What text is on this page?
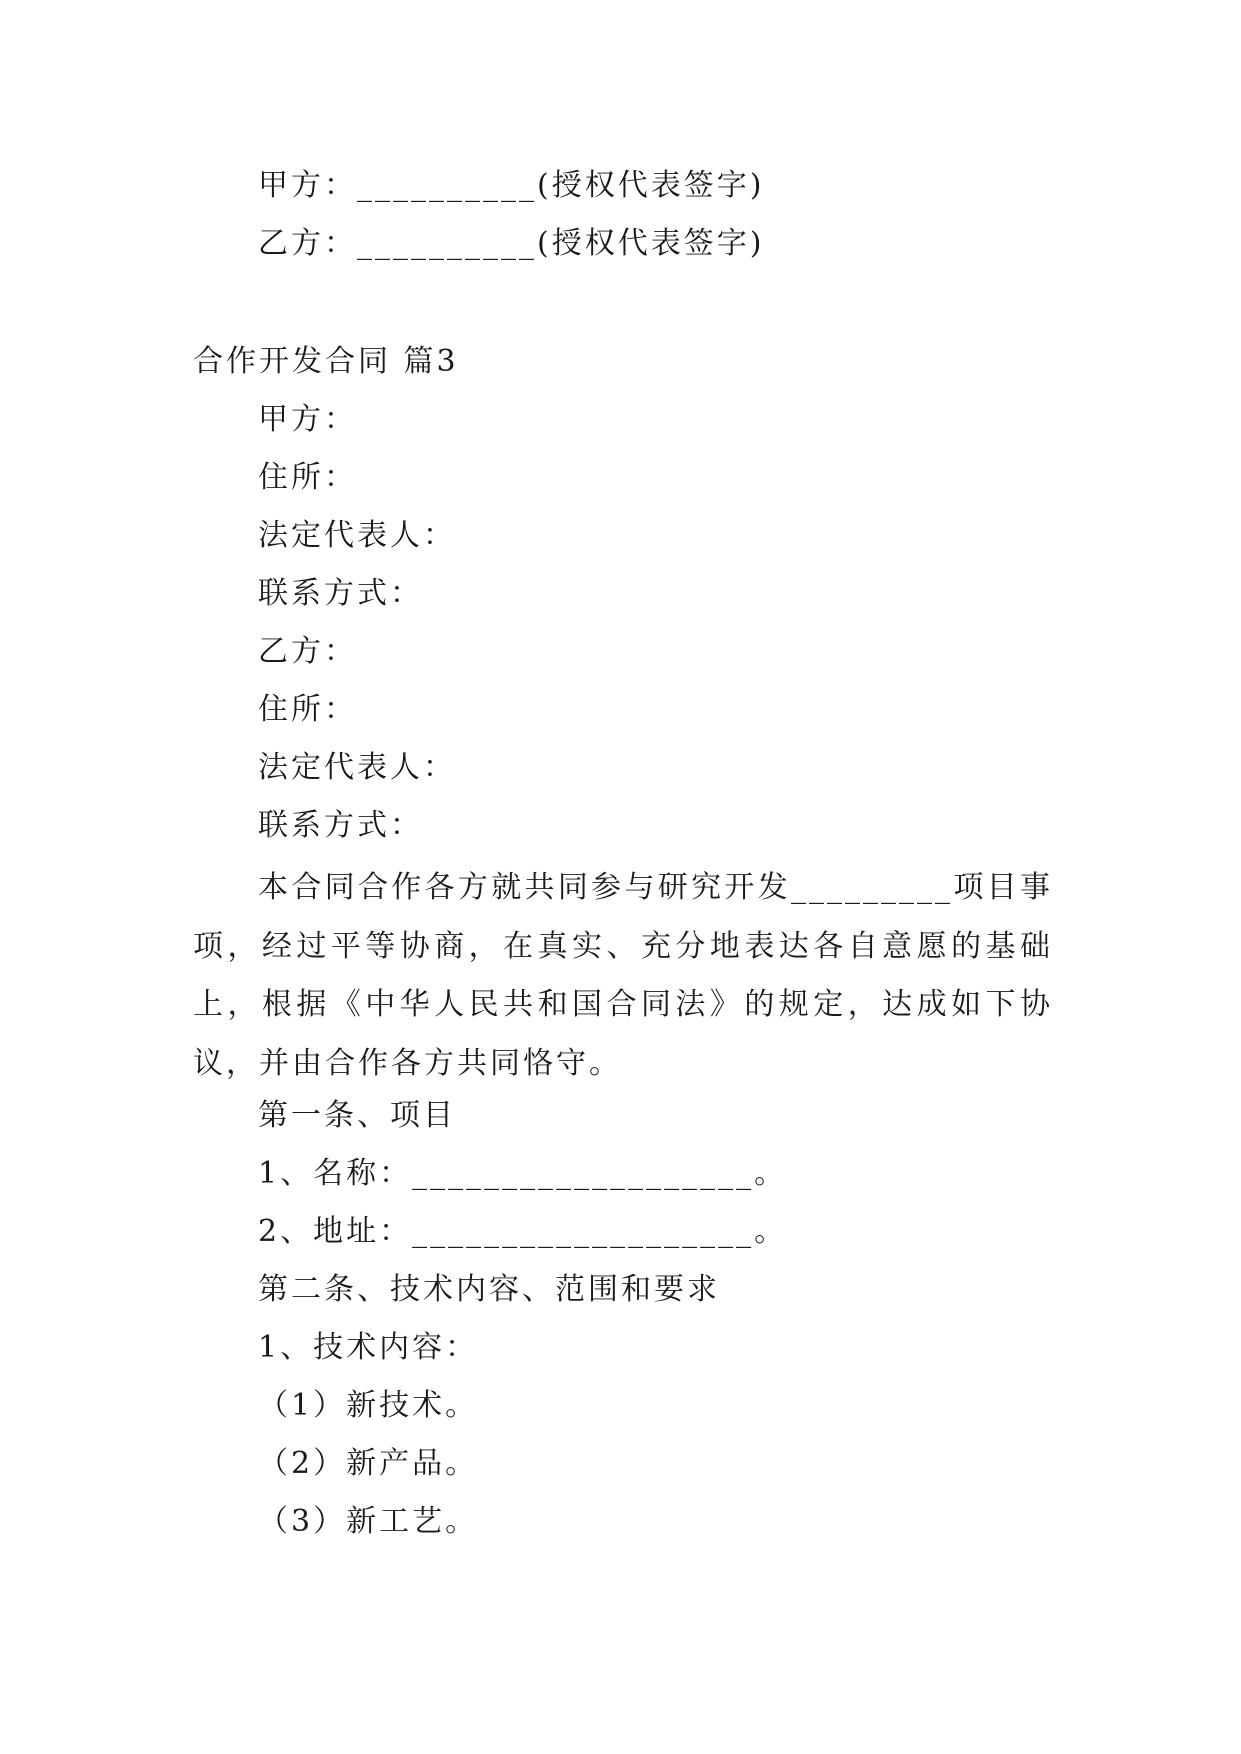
甲方：__________(授权代表签字)
乙方：__________(授权代表签字)
合作开发合同 篇3
甲方：
住所：
法定代表人：
联系方式：
乙方：
住所：
法定代表人：
联系方式：
本合同合作各方就共同参与研究开发_________项目事项，经过平等协商，在真实、充分地表达各自意愿的基础上，根据《中华人民共和国合同法》的规定，达成如下协议，并由合作各方共同恪守。
第一条、项目
1、名称：___________________。
2、地址：___________________。
第二条、技术内容、范围和要求
1、技术内容：
（1）新技术。
（2）新产品。
（3）新工艺。
